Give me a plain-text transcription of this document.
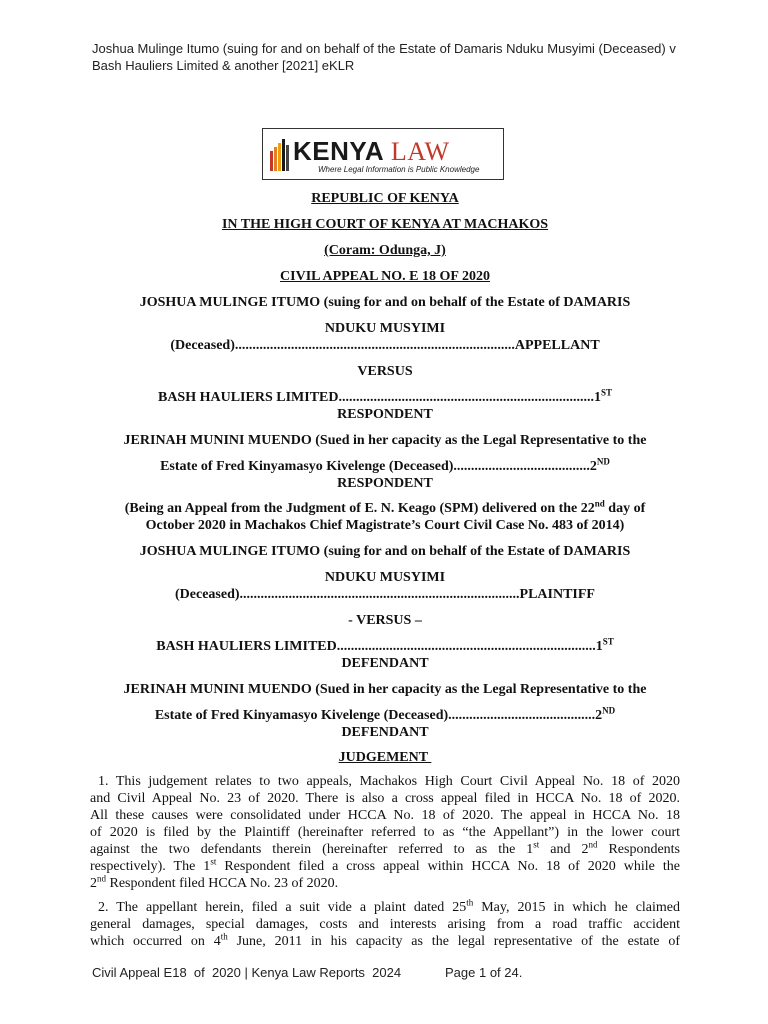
Joshua Mulinge Itumo (suing for and on behalf of the Estate of Damaris Nduku Musyimi (Deceased) v
Bash Hauliers Limited & another [2021] eKLR
KENYA LAW
Where Legal Information is Public Knowledge
REPUBLIC OF KENYA
IN THE HIGH COURT OF KENYA AT MACHAKOS
(Coram: Odunga, J)
CIVIL APPEAL NO. E 18 OF 2020
JOSHUA MULINGE ITUMO (suing for and on behalf of the Estate of DAMARIS
NDUKU MUSYIMI
(Deceased)................................................................................APPELLANT
VERSUS
BASH HAULIERS LIMITED.........................................................................1ST
RESPONDENT
JERINAH MUNINI MUENDO (Sued in her capacity as the Legal Representative to the
Estate of Fred Kinyamasyo Kivelenge (Deceased).......................................2ND
RESPONDENT
(Being an Appeal from the Judgment of E. N. Keago (SPM) delivered on the 22nd day of
October 2020 in Machakos Chief Magistrate’s Court Civil Case No. 483 of 2014)
JOSHUA MULINGE ITUMO (suing for and on behalf of the Estate of DAMARIS
NDUKU MUSYIMI
(Deceased)................................................................................PLAINTIFF
- VERSUS –
BASH HAULIERS LIMITED..........................................................................1ST
DEFENDANT
JERINAH MUNINI MUENDO (Sued in her capacity as the Legal Representative to the
Estate of Fred Kinyamasyo Kivelenge (Deceased)..........................................2ND
DEFENDANT
JUDGEMENT
1. This judgement relates to two appeals, Machakos High Court Civil Appeal No. 18 of 2020
and Civil Appeal No. 23 of 2020. There is also a cross appeal filed in HCCA No. 18 of 2020.
All these causes were consolidated under HCCA No. 18 of 2020. The appeal in HCCA No. 18
of 2020 is filed by the Plaintiff (hereinafter referred to as “the Appellant”) in the lower court
against the two defendants therein (hereinafter referred to as the 1st and 2nd Respondents
respectively). The 1st Respondent filed a cross appeal within HCCA No. 18 of 2020 while the
2nd Respondent filed HCCA No. 23 of 2020.
2. The appellant herein, filed a suit vide a plaint dated 25th May, 2015 in which he claimed
general damages, special damages, costs and interests arising from a road traffic accident
which occurred on 4th June, 2011 in his capacity as the legal representative of the estate of
Civil Appeal E18  of  2020 | Kenya Law Reports  2024	Page 1 of 24.
